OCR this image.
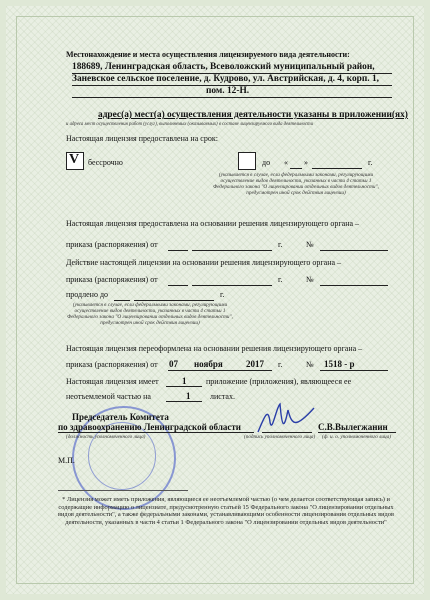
Местонахождение и места осуществления лицензируемого вида деятельности:
188689, Ленинградская область, Всеволожский муниципальный район,
Заневское сельское поселение, д. Кудрово, ул. Австрийская, д. 4, корп. 1,
пом. 12-Н.
адрес(а) мест(а) осуществления деятельности указаны в приложении(ях)
и адреса мест осуществления работ (услуг), выполняемых (оказываемых) в составе лицензируемого вида деятельности
Настоящая лицензия предоставлена на срок:
V бессрочно	до « »	г.
(указывается в случае, если федеральными законами, регулирующими осуществление видов деятельности, указанных в части 4 статьи 1 Федерального закона "О лицензировании отдельных видов деятельности", предусмотрен иной срок действия лицензии)
Настоящая лицензия предоставлена на основании решения лицензирующего органа –
приказа (распоряжения) от	г.	№
Действие настоящей лицензии на основании решения лицензирующего органа –
приказа (распоряжения) от	г.	№
продлено до	г.
(указывается в случае, если федеральными законами, регулирующими осуществление видов деятельности, указанных в части 4 статьи 1 Федерального закона "О лицензировании отдельных видов деятельности", предусмотрен иной срок действия лицензии)
Настоящая лицензия переоформлена на основании решения лицензирующего органа –
приказа (распоряжения) от 07 ноября	2017 г.	№ 1518 - р
Настоящая лицензия имеет	1 приложение (приложения), являющееся ее
неотъемлемой частью на	1 листах.
Председатель Комитета
по здравоохранению Ленинградской области	С.В.Вылегжанин
(должность уполномоченного лица)	(подпись уполномоченного лица) (ф. и. о. уполномоченного лица)
М.П.
* Лицензия может иметь приложения, являющиеся ее неотъемлемой частью (о чем делается соответствующая запись) и содержащие информацию о лицензиате, предусмотренную статьей 15 Федерального закона "О лицензировании отдельных видов деятельности", а также федеральными законами, устанавливающими особенности лицензирования отдельных видов деятельности, указанных в части 4 статьи 1 Федерального закона "О лицензировании отдельных видов деятельности"
